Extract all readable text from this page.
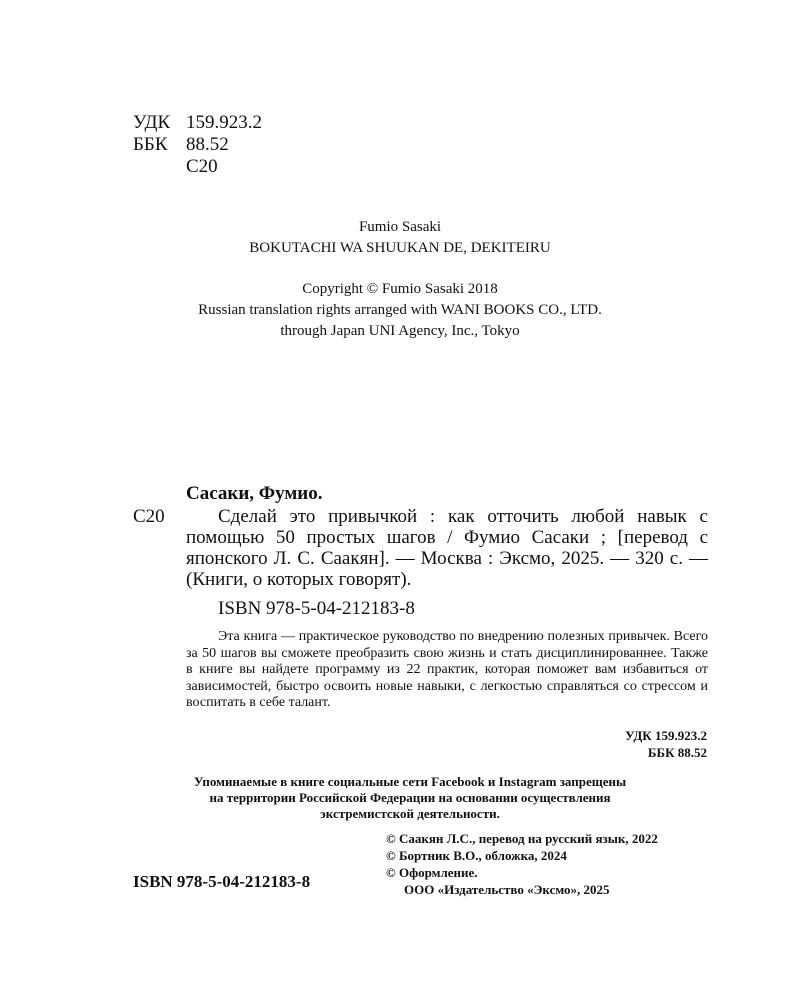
УДК 159.923.2
ББК 88.52
С20
Fumio Sasaki
BOKUTACHI WA SHUUKAN DE, DEKITEIRU
Copyright © Fumio Sasaki 2018
Russian translation rights arranged with WANI BOOKS CO., LTD.
through Japan UNI Agency, Inc., Tokyo
Сасаки, Фумио.
С20	Сделай это привычкой : как отточить любой навык с помощью 50 простых шагов / Фумио Сасаки ; [перевод с японского Л. С. Саакян]. — Москва : Эксмо, 2025. — 320 с. — (Книги, о которых говорят).
ISBN 978-5-04-212183-8
Эта книга — практическое руководство по внедрению полезных привычек. Всего за 50 шагов вы сможете преобразить свою жизнь и стать дисциплинированнее. Также в книге вы найдете программу из 22 практик, которая поможет вам избавиться от зависимостей, быстро освоить новые навыки, с легкостью справляться со стрессом и воспитать в себе талант.
УДК 159.923.2
ББК 88.52
Упоминаемые в книге социальные сети Facebook и Instagram запрещены
на территории Российской Федерации на основании осуществления
экстремистской деятельности.
© Саакян Л.С., перевод на русский язык, 2022
© Бортник В.О., обложка, 2024
© Оформление.
ООО «Издательство «Эксмо», 2025
ISBN 978-5-04-212183-8
